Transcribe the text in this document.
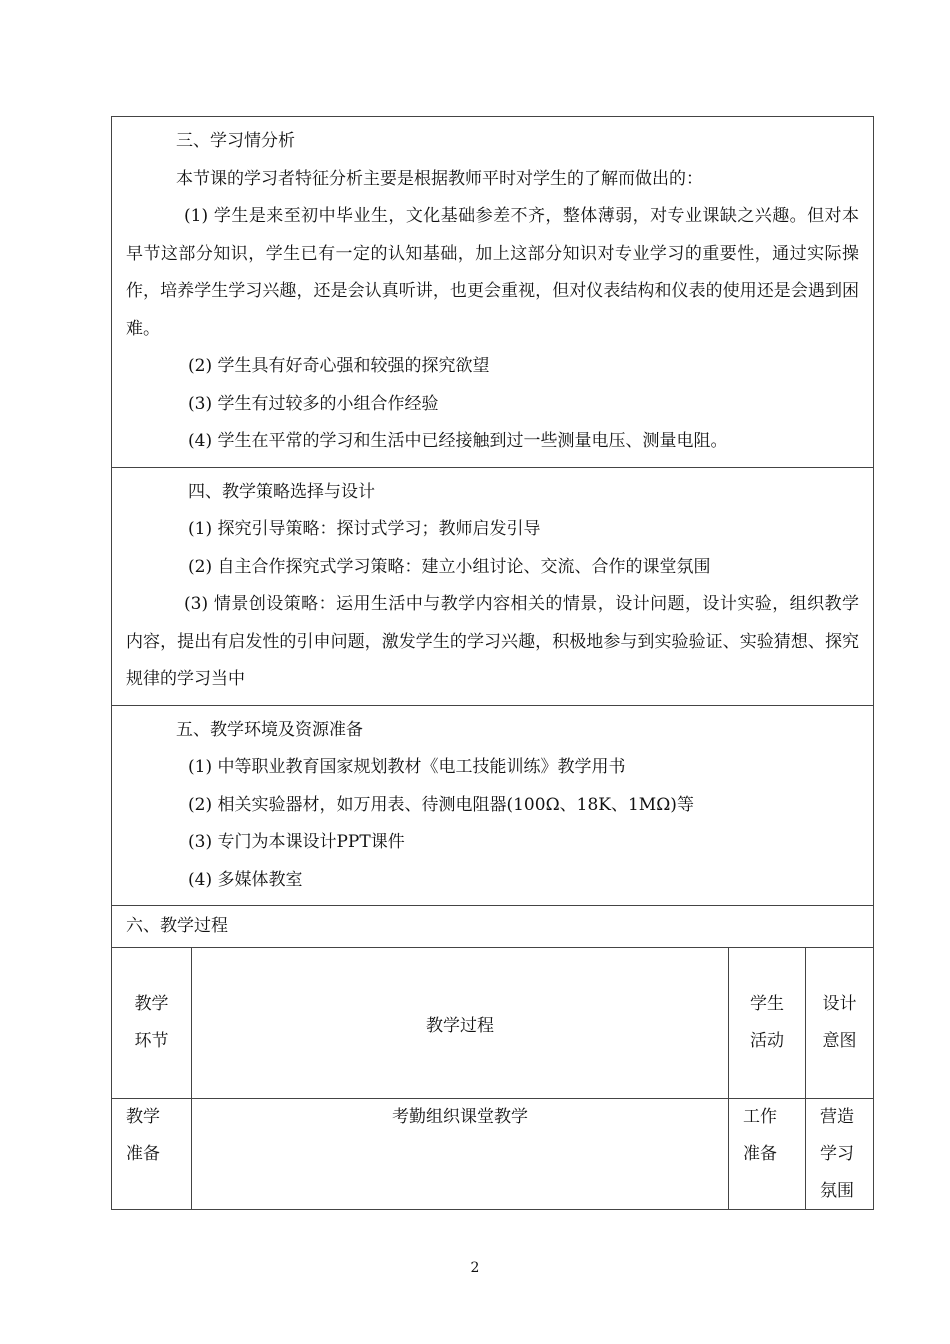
三、学习情分析
本节课的学习者特征分析主要是根据教师平时对学生的了解而做出的：
(1) 学生是来至初中毕业生，文化基础参差不齐，整体薄弱，对专业课缺之兴趣。但对本早节这部分知识，学生已有一定的认知基础，加上这部分知识对专业学习的重要性，通过实际操作，培养学生学习兴趣，还是会认真听讲，也更会重视，但对仪表结构和仪表的使用还是会遇到困难。
(2) 学生具有好奇心强和较强的探究欲望
(3) 学生有过较多的小组合作经验
(4) 学生在平常的学习和生活中已经接触到过一些测量电压、测量电阻。
四、教学策略选择与设计
(1) 探究引导策略：探讨式学习；教师启发引导
(2) 自主合作探究式学习策略：建立小组讨论、交流、合作的课堂氛围
(3) 情景创设策略：运用生活中与教学内容相关的情景，设计问题，设计实验，组织教学内容，提出有启发性的引申问题，激发学生的学习兴趣，积极地参与到实验验证、实验猜想、探究规律的学习当中
五、教学环境及资源准备
(1) 中等职业教育国家规划教材《电工技能训练》教学用书
(2) 相关实验器材，如万用表、待测电阻器(100Ω、18K、1MΩ)等
(3) 专门为本课设计PPT课件
(4) 多媒体教室
六、教学过程
教学
环节
教学过程
学生
活动
设计
意图
教学
准备
考勤组织课堂教学	工作
准备
营造
学习
氛围
2
